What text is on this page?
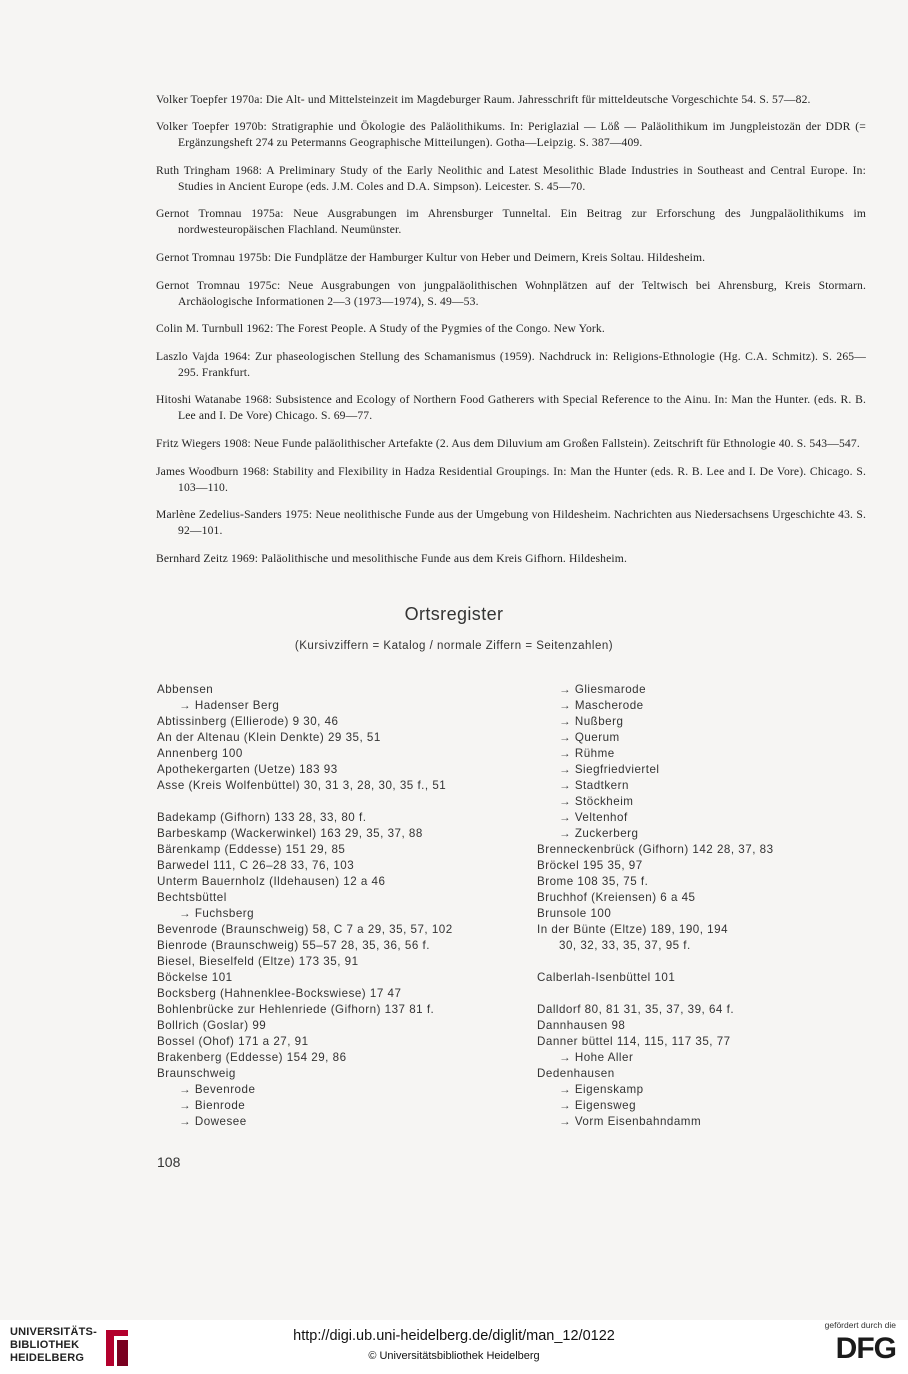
Volker Toepfer 1970a: Die Alt- und Mittelsteinzeit im Magdeburger Raum. Jahresschrift für mitteldeutsche Vorgeschichte 54. S. 57—82.

Volker Toepfer 1970b: Stratigraphie und Ökologie des Paläolithikums. In: Periglazial — Löß — Paläolithikum im Jungpleistozän der DDR (= Ergänzungsheft 274 zu Petermanns Geographische Mitteilungen). Gotha—Leipzig. S. 387—409.

Ruth Tringham 1968: A Preliminary Study of the Early Neolithic and Latest Mesolithic Blade Industries in Southeast and Central Europe. In: Studies in Ancient Europe (eds. J.M. Coles and D.A. Simpson). Leicester. S. 45—70.

Gernot Tromnau 1975a: Neue Ausgrabungen im Ahrensburger Tunneltal. Ein Beitrag zur Erforschung des Jungpaläolithikums im nordwesteuropäischen Flachland. Neumünster.

Gernot Tromnau 1975b: Die Fundplätze der Hamburger Kultur von Heber und Deimern, Kreis Soltau. Hildesheim.

Gernot Tromnau 1975c: Neue Ausgrabungen von jungpaläolithischen Wohnplätzen auf der Teltwisch bei Ahrensburg, Kreis Stormarn. Archäologische Informationen 2—3 (1973—1974), S. 49—53.

Colin M. Turnbull 1962: The Forest People. A Study of the Pygmies of the Congo. New York.

Laszlo Vajda 1964: Zur phaseologischen Stellung des Schamanismus (1959). Nachdruck in: Religions-Ethnologie (Hg. C.A. Schmitz). S. 265—295. Frankfurt.

Hitoshi Watanabe 1968: Subsistence and Ecology of Northern Food Gatherers with Special Reference to the Ainu. In: Man the Hunter. (eds. R. B. Lee and I. De Vore) Chicago. S. 69—77.

Fritz Wiegers 1908: Neue Funde paläolithischer Artefakte (2. Aus dem Diluvium am Großen Fallstein). Zeitschrift für Ethnologie 40. S. 543—547.

James Woodburn 1968: Stability and Flexibility in Hadza Residential Groupings. In: Man the Hunter (eds. R. B. Lee and I. De Vore). Chicago. S. 103—110.

Marlène Zedelius-Sanders 1975: Neue neolithische Funde aus der Umgebung von Hildesheim. Nachrichten aus Niedersachsens Urgeschichte 43. S. 92—101.

Bernhard Zeitz 1969: Paläolithische und mesolithische Funde aus dem Kreis Gifhorn. Hildesheim.

Ortsregister
(Kursivziffern = Katalog / normale Ziffern = Seitenzahlen)
Abbensen
→ Hadenser Berg
Abtissinberg (Ellierode) 9 30, 46
An der Altenau (Klein Denkte) 29 35, 51
Annenberg 100
Apothekergarten (Uetze) 183 93
Asse (Kreis Wolfenbüttel) 30, 31 3, 28, 30, 35 f., 51
Badekamp (Gifhorn) 133 28, 33, 80 f.
Barbeskamp (Wackerwinkel) 163 29, 35, 37, 88
Bärenkamp (Eddesse) 151 29, 85
Barwedel 111, C 26–28 33, 76, 103
Unterm Bauernholz (Ildehausen) 12 a 46
Bechtsbüttel
→ Fuchsberg
Bevenrode (Braunschweig) 58, C 7 a 29, 35, 57, 102
Bienrode (Braunschweig) 55–57 28, 35, 36, 56 f.
Biesel, Bieselfeld (Eltze) 173 35, 91
Böckelse 101
Bocksberg (Hahnenklee-Bockswiese) 17 47
Bohlenbrücke zur Hehlenriede (Gifhorn) 137 81 f.
Bollrich (Goslar) 99
Bossel (Ohof) 171 a 27, 91
Brakenberg (Eddesse) 154 29, 86
Braunschweig
→ Bevenrode
→ Bienrode
→ Dowesee
→ Gliesmarode
→ Mascherode
→ Nußberg
→ Querum
→ Rühme
→ Siegfriedviertel
→ Stadtkern
→ Stöckheim
→ Veltenhof
→ Zuckerberg
Brenneckenbrück (Gifhorn) 142 28, 37, 83
Bröckel 195 35, 97
Brome 108 35, 75 f.
Bruchhof (Kreiensen) 6 a 45
Brunsole 100
In der Bünte (Eltze) 189, 190, 194
30, 32, 33, 35, 37, 95 f.
Calberlah-Isenbüttel 101
Dalldorf 80, 81 31, 35, 37, 39, 64 f.
Dannhausen 98
Danner büttel 114, 115, 117 35, 77
→ Hohe Aller
Dedenhausen
→ Eigenskamp
→ Eigensweg
→ Vorm Eisenbahndamm
108
UNIVERSITÄTS-
BIBLIOTHEK
HEIDELBERG
http://digi.ub.uni-heidelberg.de/diglit/man_12/0122
© Universitätsbibliothek Heidelberg
gefördert durch die
DFG
